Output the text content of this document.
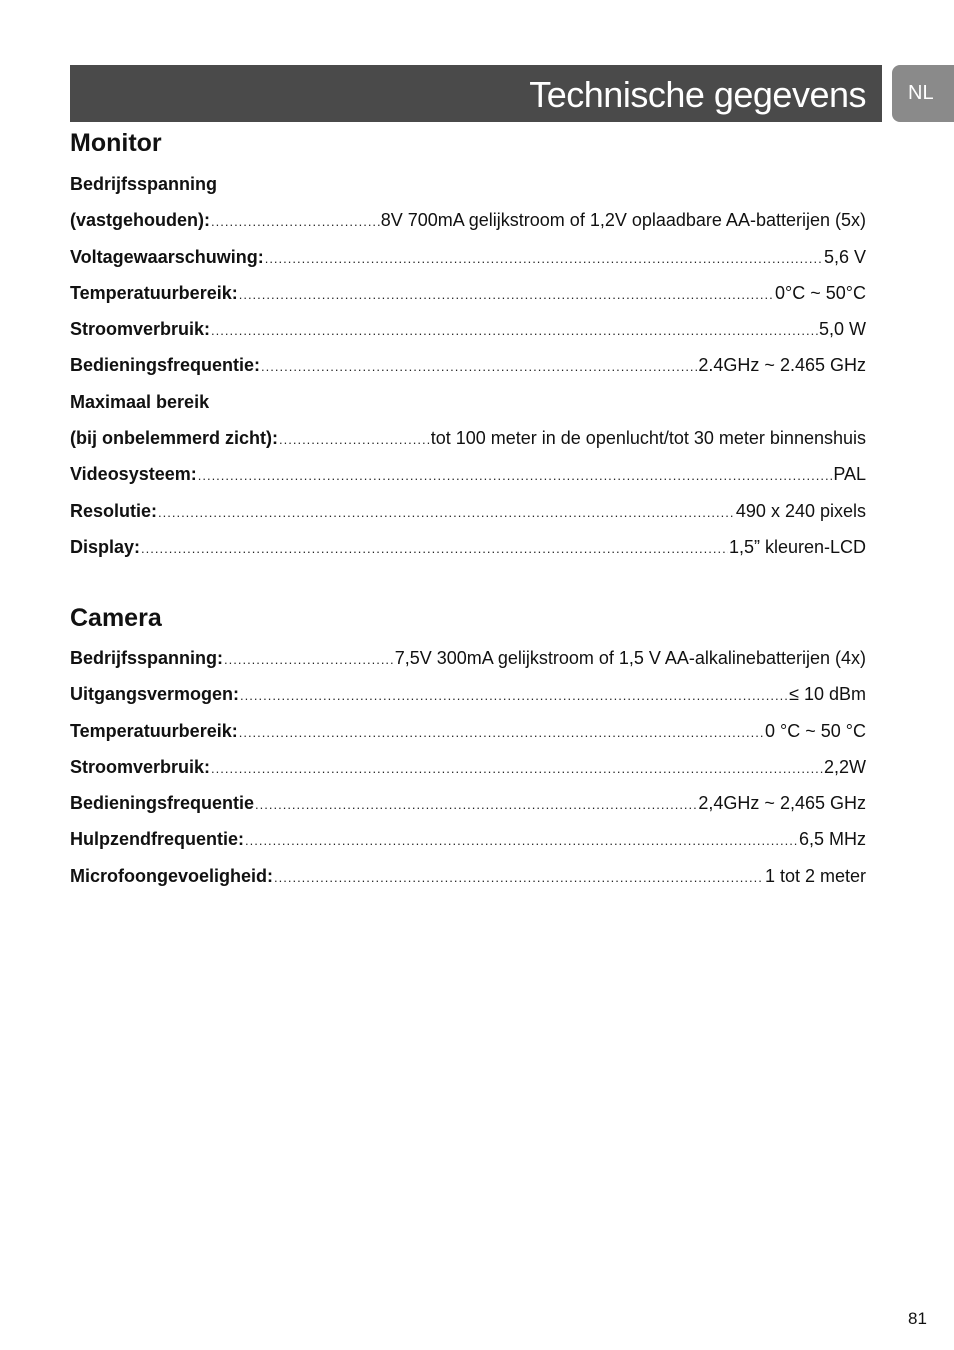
Technische gegevens NL
Monitor
Bedrijfsspanning
(vastgehouden): .....	8V 700mA gelijkstroom of 1,2V oplaadbare AA-batterijen (5x)
Voltagewaarschuwing: .....	5,6 V
Temperatuurbereik: .....	0°C ~ 50°C
Stroomverbruik: .....	5,0 W
Bedieningsfrequentie: .....	2.4GHz ~ 2.465 GHz
Maximaal bereik
(bij onbelemmerd zicht): .....	tot 100 meter in de openlucht/tot 30 meter binnenshuis
Videosysteem: .....	PAL
Resolutie: .....	490 x 240 pixels
Display: .....	1,5” kleuren-LCD
Camera
Bedrijfsspanning: .....	7,5V 300mA gelijkstroom of 1,5 V AA-alkalinebatterijen (4x)
Uitgangsvermogen: .....	≤ 10 dBm
Temperatuurbereik: .....	0 °C ~ 50 °C
Stroomverbruik: .....	2,2W
Bedieningsfrequentie .....	2,4GHz ~ 2,465 GHz
Hulpzendfrequentie: .....	6,5 MHz
Microfoongevoeligheid: .....	1 tot 2 meter
81
